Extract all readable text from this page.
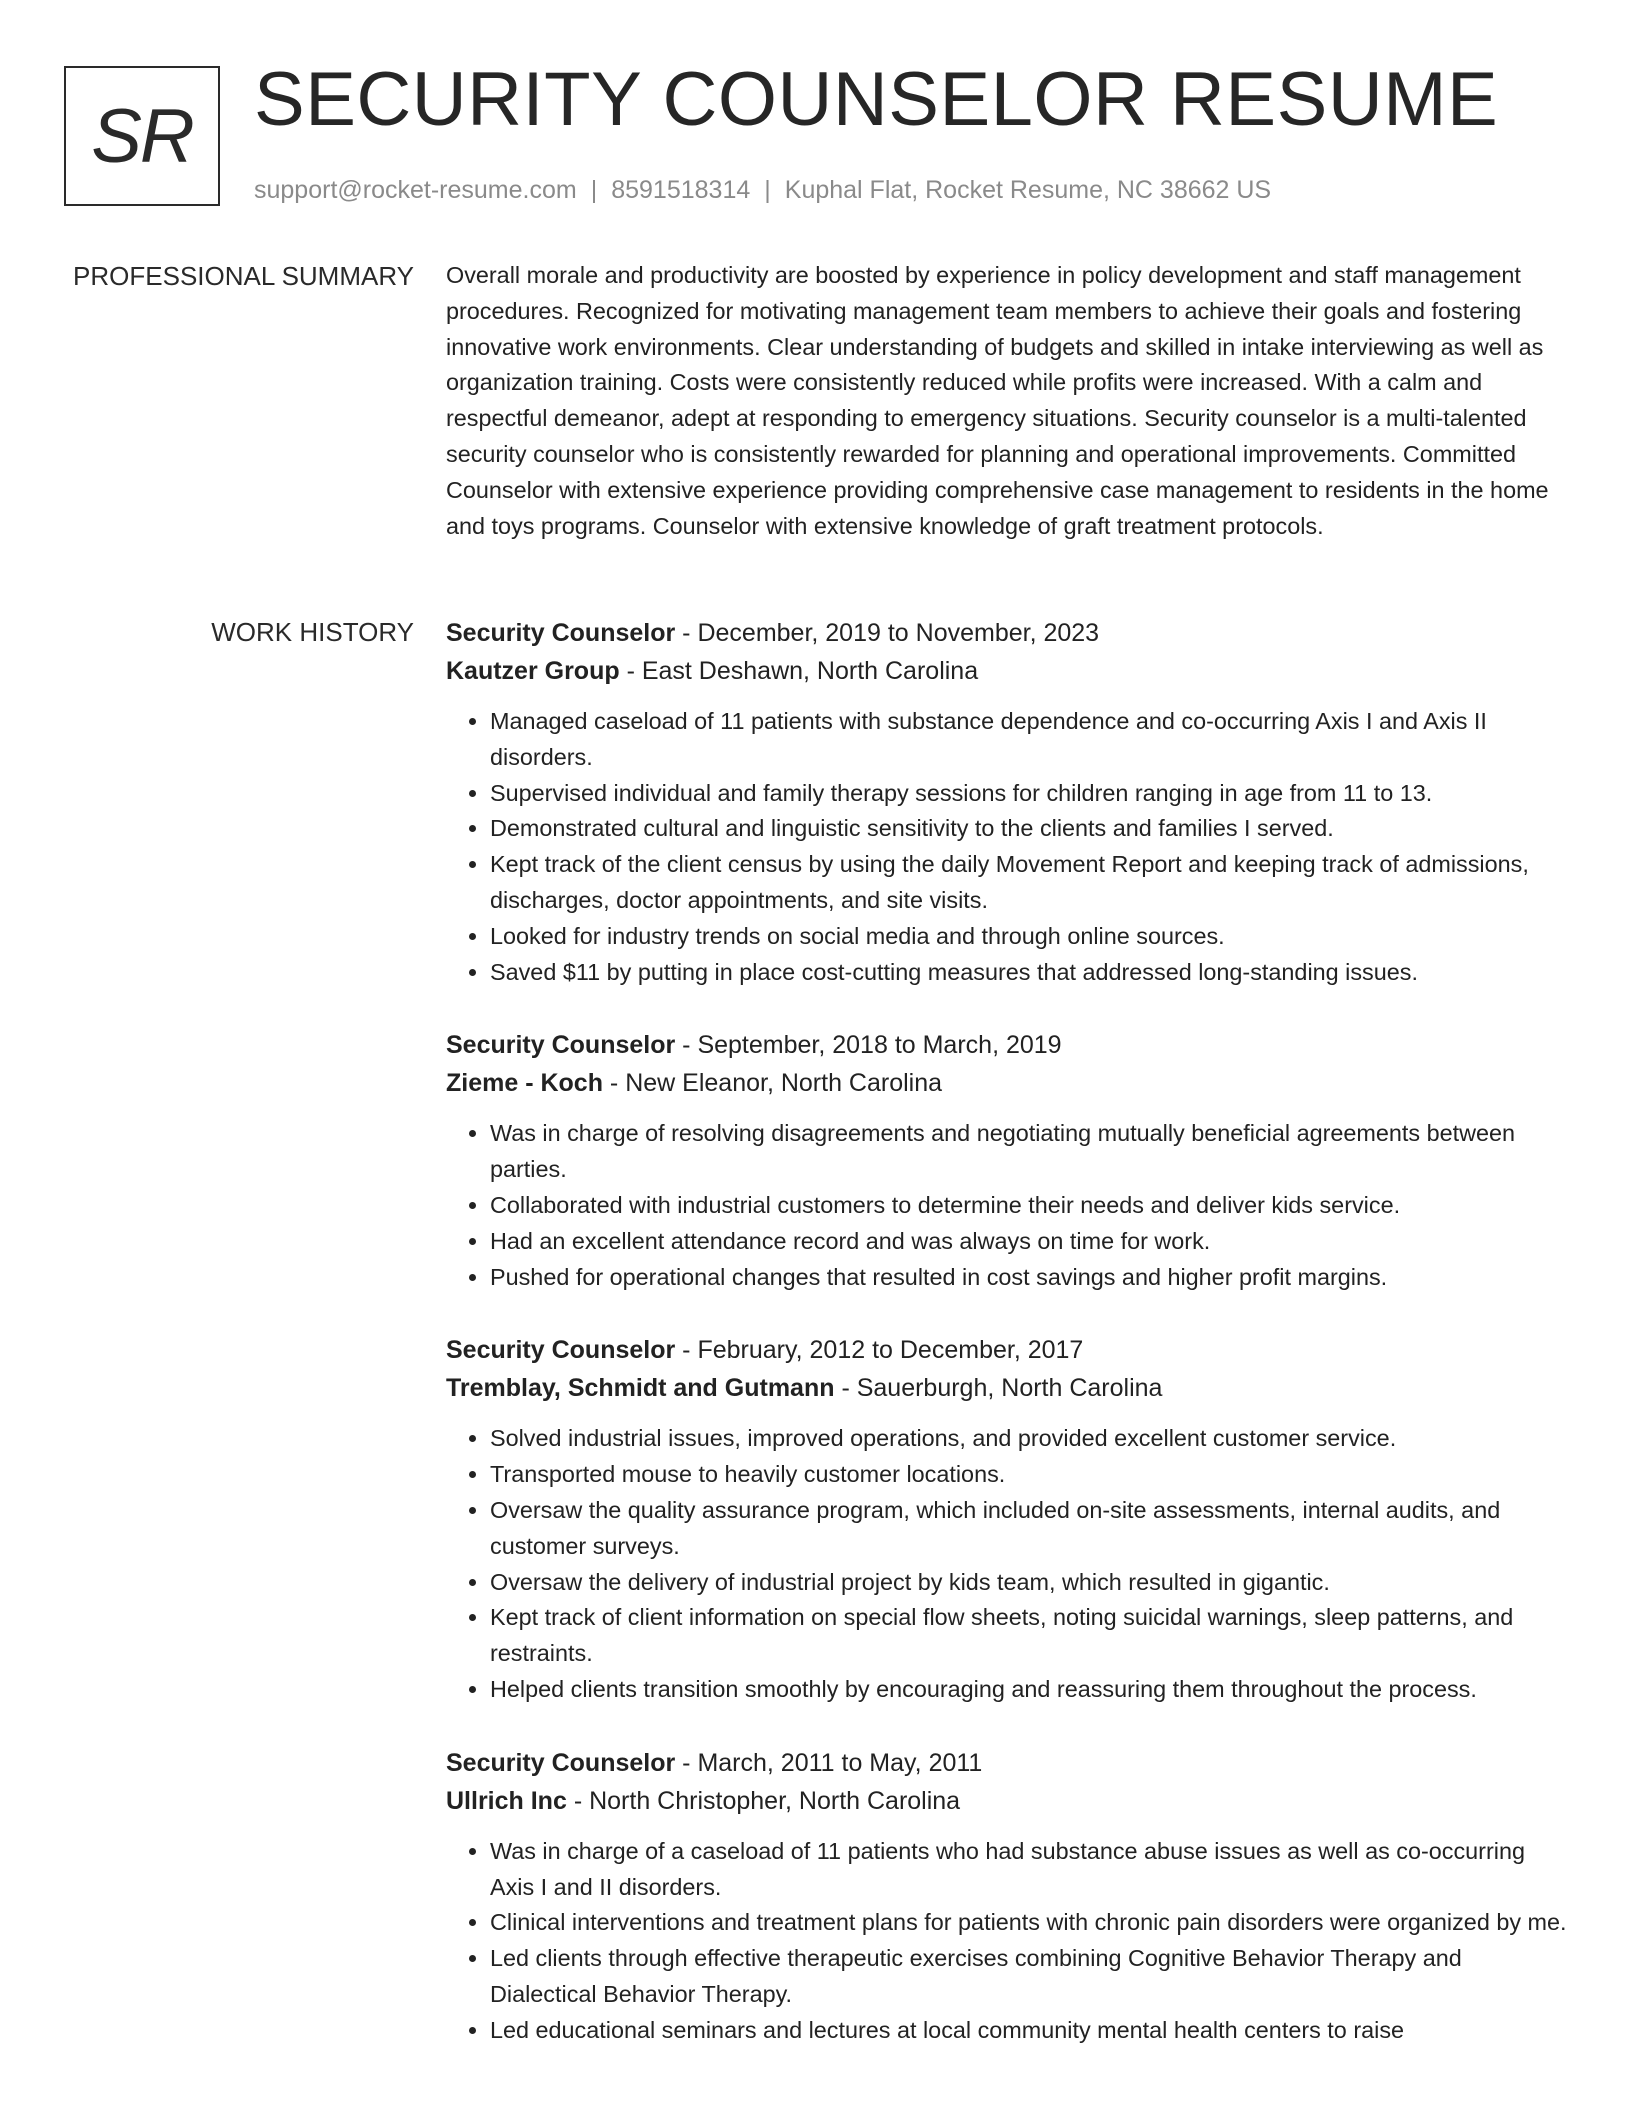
SR SECURITY COUNSELOR RESUME
support@rocket-resume.com | 8591518314 | Kuphal Flat, Rocket Resume, NC 38662 US
PROFESSIONAL SUMMARY Overall morale and productivity are boosted by experience in policy development and staff management procedures. Recognized for motivating management team members to achieve their goals and fostering innovative work environments. Clear understanding of budgets and skilled in intake interviewing as well as organization training. Costs were consistently reduced while profits were increased. With a calm and respectful demeanor, adept at responding to emergency situations. Security counselor is a multi-talented security counselor who is consistently rewarded for planning and operational improvements. Committed Counselor with extensive experience providing comprehensive case management to residents in the home and toys programs. Counselor with extensive knowledge of graft treatment protocols.

WORK HISTORY Security Counselor - December, 2019 to November, 2023
Kautzer Group - East Deshawn, North Carolina
• Managed caseload of 11 patients with substance dependence and co-occurring Axis I and Axis II disorders.
• Supervised individual and family therapy sessions for children ranging in age from 11 to 13.
• Demonstrated cultural and linguistic sensitivity to the clients and families I served.
• Kept track of the client census by using the daily Movement Report and keeping track of admissions, discharges, doctor appointments, and site visits.
• Looked for industry trends on social media and through online sources.
• Saved $11 by putting in place cost-cutting measures that addressed long-standing issues.
Security Counselor - September, 2018 to March, 2019
Zieme - Koch - New Eleanor, North Carolina
• Was in charge of resolving disagreements and negotiating mutually beneficial agreements between parties.
• Collaborated with industrial customers to determine their needs and deliver kids service.
• Had an excellent attendance record and was always on time for work.
• Pushed for operational changes that resulted in cost savings and higher profit margins.
Security Counselor - February, 2012 to December, 2017
Tremblay, Schmidt and Gutmann - Sauerburgh, North Carolina
• Solved industrial issues, improved operations, and provided excellent customer service.
• Transported mouse to heavily customer locations.
• Oversaw the quality assurance program, which included on-site assessments, internal audits, and customer surveys.
• Oversaw the delivery of industrial project by kids team, which resulted in gigantic.
• Kept track of client information on special flow sheets, noting suicidal warnings, sleep patterns, and restraints.
• Helped clients transition smoothly by encouraging and reassuring them throughout the process.
Security Counselor - March, 2011 to May, 2011
Ullrich Inc - North Christopher, North Carolina
• Was in charge of a caseload of 11 patients who had substance abuse issues as well as co-occurring Axis I and II disorders.
• Clinical interventions and treatment plans for patients with chronic pain disorders were organized by me.
• Led clients through effective therapeutic exercises combining Cognitive Behavior Therapy and Dialectical Behavior Therapy.
• Led educational seminars and lectures at local community mental health centers to raise
